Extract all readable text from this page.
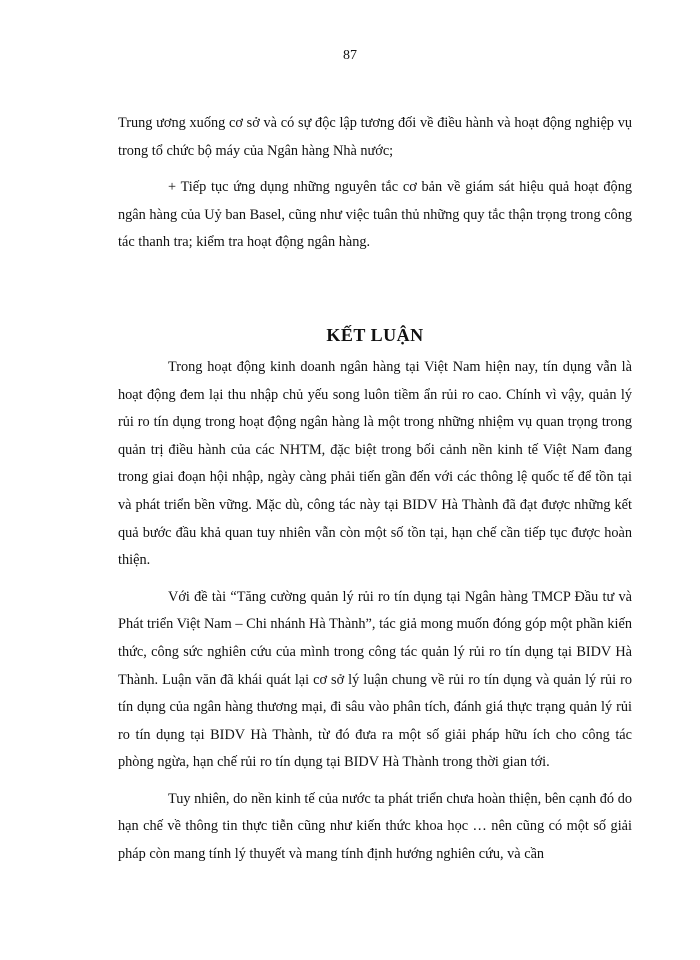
87

Trung ương xuống cơ sở và có sự độc lập tương đối về điều hành và hoạt động nghiệp vụ trong tổ chức bộ máy của Ngân hàng Nhà nước;

+ Tiếp tục ứng dụng những nguyên tắc cơ bản về giám sát hiệu quả hoạt động ngân hàng của Uỷ ban Basel, cũng như việc tuân thủ những quy tắc thận trọng trong công tác thanh tra; kiểm tra hoạt động ngân hàng.

KẾT LUẬN

Trong hoạt động kinh doanh ngân hàng tại Việt Nam hiện nay, tín dụng vẫn là hoạt động đem lại thu nhập chủ yếu song luôn tiềm ẩn rủi ro cao. Chính vì vậy, quản lý rủi ro tín dụng trong hoạt động ngân hàng là một trong những nhiệm vụ quan trọng trong quản trị điều hành của các NHTM, đặc biệt trong bối cảnh nền kinh tế Việt Nam đang trong giai đoạn hội nhập, ngày càng phải tiến gần đến với các thông lệ quốc tế để tồn tại và phát triển bền vững. Mặc dù, công tác này tại BIDV Hà Thành đã đạt được những kết quả bước đầu khả quan tuy nhiên vẫn còn một số tồn tại, hạn chế cần tiếp tục được hoàn thiện.

Với đề tài “Tăng cường quản lý rủi ro tín dụng tại Ngân hàng TMCP Đầu tư và Phát triển Việt Nam – Chi nhánh Hà Thành”, tác giả mong muốn đóng góp một phần kiến thức, công sức nghiên cứu của mình trong công tác quản lý rủi ro tín dụng tại BIDV Hà Thành. Luận văn đã khái quát lại cơ sở lý luận chung về rủi ro tín dụng và quản lý rủi ro tín dụng của ngân hàng thương mại, đi sâu vào phân tích, đánh giá thực trạng quản lý rủi ro tín dụng tại BIDV Hà Thành, từ đó đưa ra một số giải pháp hữu ích cho công tác phòng ngừa, hạn chế rủi ro tín dụng tại BIDV Hà Thành trong thời gian tới.

Tuy nhiên, do nền kinh tế của nước ta phát triển chưa hoàn thiện, bên cạnh đó do hạn chế về thông tin thực tiễn cũng như kiến thức khoa học … nên cũng có một số giải pháp còn mang tính lý thuyết và mang tính định hướng nghiên cứu, và cần
